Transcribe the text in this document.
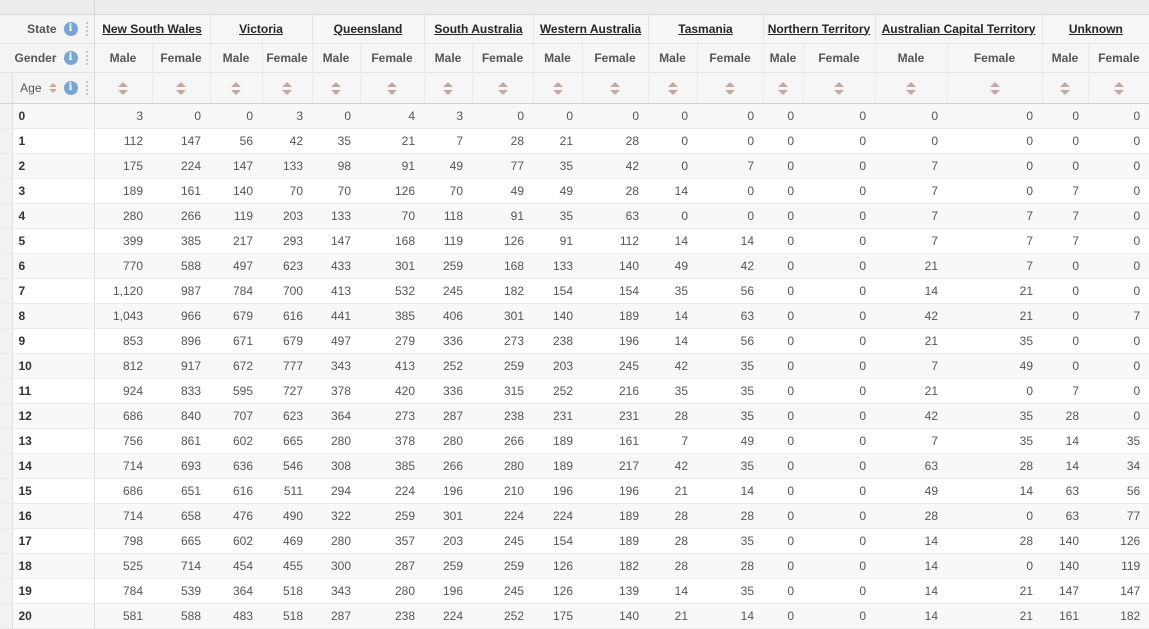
State i		New South Wales		Victoria		Queensland		South Australia		Western Australia		Tasmania		Northern Territory		Australian Capital Territory		Unknown	

Gender i		Male	Female	Male	Female	Male	Female	Male	Female	Male	Female	Male	Female	Male	Female	Male	Female	Male	Female

	Age i																		

	0	3	0	0	3	0	4	3	0	0	0	0	0	0	0	0	0	0	0
	1	112	147	56	42	35	21	7	28	21	28	0	0	0	0	0	0	0	0
	2	175	224	147	133	98	91	49	77	35	42	0	7	0	0	7	0	0	0
	3	189	161	140	70	70	126	70	49	49	28	14	0	0	0	7	0	7	0
	4	280	266	119	203	133	70	118	91	35	63	0	0	0	0	7	7	7	0
	5	399	385	217	293	147	168	119	126	91	112	14	14	0	0	7	7	7	0
	6	770	588	497	623	433	301	259	168	133	140	49	42	0	0	21	7	0	0
	7	1,120	987	784	700	413	532	245	182	154	154	35	56	0	0	14	21	0	0
	8	1,043	966	679	616	441	385	406	301	140	189	14	63	0	0	42	21	0	7
	9	853	896	671	679	497	279	336	273	238	196	14	56	0	0	21	35	0	0
	10	812	917	672	777	343	413	252	259	203	245	42	35	0	0	7	49	0	0
	11	924	833	595	727	378	420	336	315	252	216	35	35	0	0	21	0	7	0
	12	686	840	707	623	364	273	287	238	231	231	28	35	0	0	42	35	28	0
	13	756	861	602	665	280	378	280	266	189	161	7	49	0	0	7	35	14	35
	14	714	693	636	546	308	385	266	280	189	217	42	35	0	0	63	28	14	34
	15	686	651	616	511	294	224	196	210	196	196	21	14	0	0	49	14	63	56
	16	714	658	476	490	322	259	301	224	224	189	28	28	0	0	28	0	63	77
	17	798	665	602	469	280	357	203	245	154	189	28	35	0	0	14	28	140	126
	18	525	714	454	455	300	287	259	259	126	182	28	28	0	0	14	0	140	119
	19	784	539	364	518	343	280	196	245	126	139	14	35	0	0	14	21	147	147
	20	581	588	483	518	287	238	224	252	175	140	21	14	0	0	14	21	161	182
